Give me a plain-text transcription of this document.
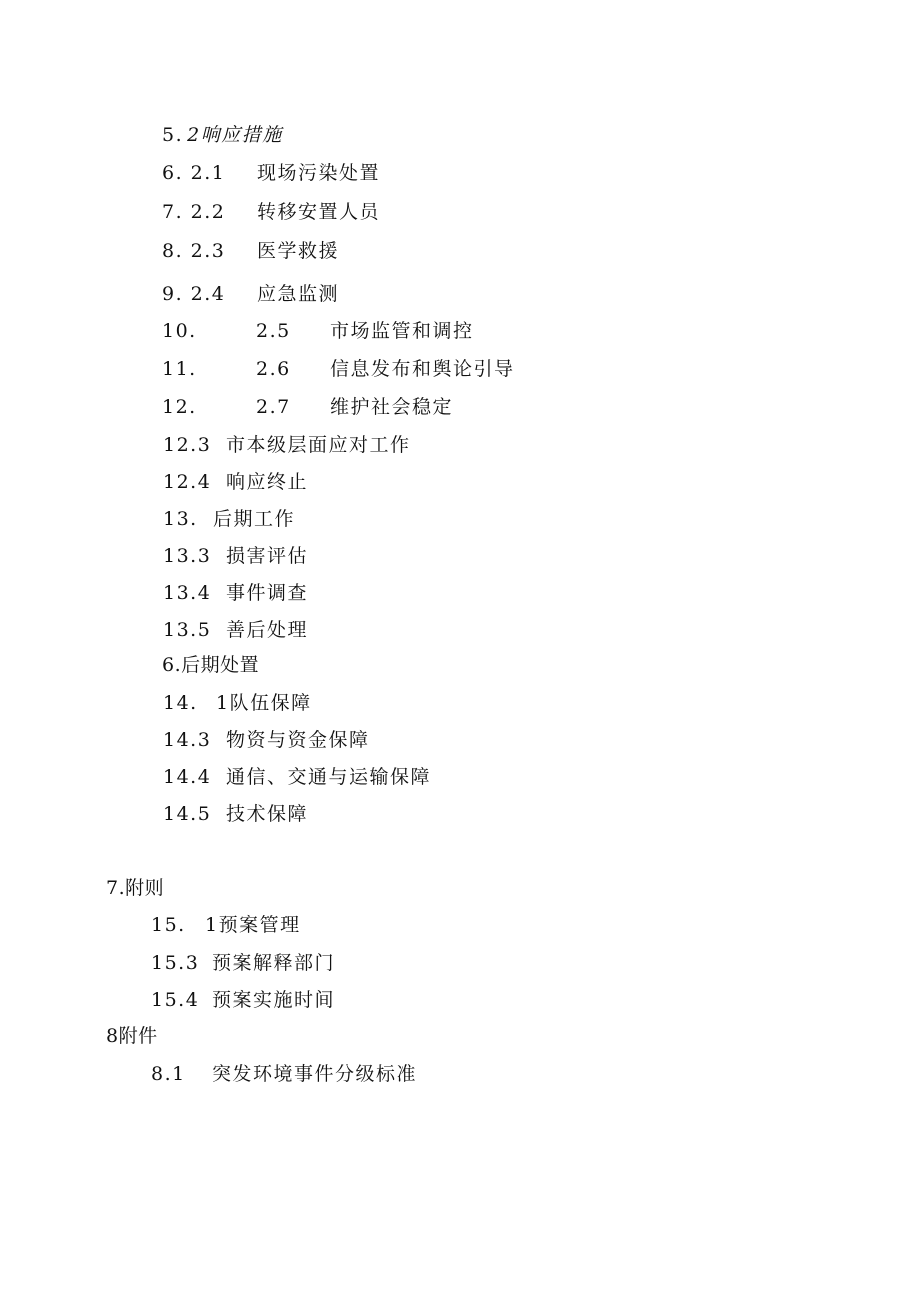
5.2响应措施
6. 2.1 现场污染处置
7. 2.2 转移安置人员
8. 2.3 医学救援
9. 2.4 应急监测
10.	2.5 市场监管和调控
11.	2.6 信息发布和舆论引导
12.	2.7 维护社会稳定
12.3 市本级层面应对工作
12.4 响应终止
13. 后期工作
13.3 损害评估
13.4 事件调查
13.5 善后处理
6.后期处置
14. 1队伍保障
14.3 物资与资金保障
14.4 通信、交通与运输保障
14.5 技术保障
7.附则
15. 1预案管理
15.3 预案解释部门
15.4 预案实施时间
8附件
8.1 突发环境事件分级标准
